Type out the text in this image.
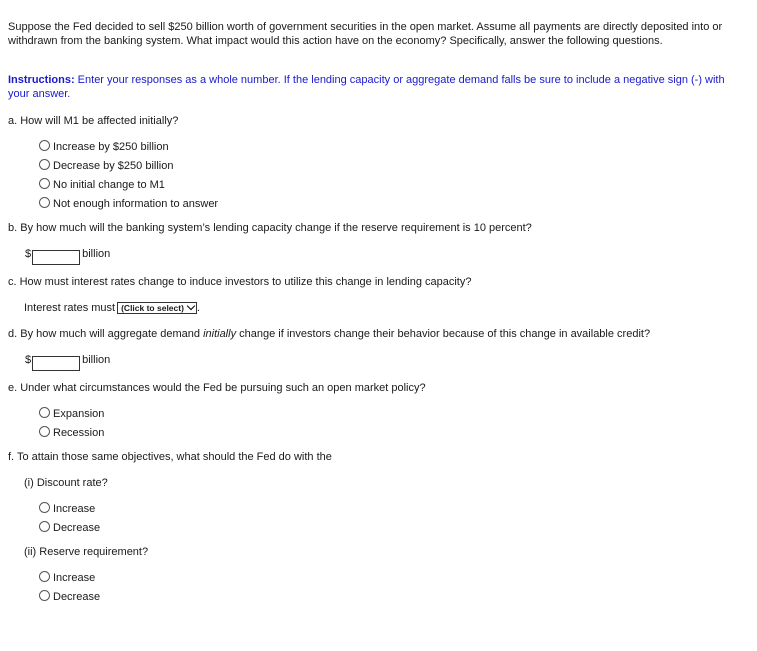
Suppose the Fed decided to sell $250 billion worth of government securities in the open market. Assume all payments are directly deposited into or withdrawn from the banking system. What impact would this action have on the economy? Specifically, answer the following questions.
Instructions: Enter your responses as a whole number. If the lending capacity or aggregate demand falls be sure to include a negative sign (-) with your answer.
a. How will M1 be affected initially?
Increase by $250 billion
Decrease by $250 billion
No initial change to M1
Not enough information to answer
b. By how much will the banking system’s lending capacity change if the reserve requirement is 10 percent?
$	billion
c. How must interest rates change to induce investors to utilize this change in lending capacity?
Interest rates must (Click to select) .
d. By how much will aggregate demand initially change if investors change their behavior because of this change in available credit?
$	billion
e. Under what circumstances would the Fed be pursuing such an open market policy?
Expansion
Recession
f. To attain those same objectives, what should the Fed do with the
(i) Discount rate?
Increase
Decrease
(ii) Reserve requirement?
Increase
Decrease
